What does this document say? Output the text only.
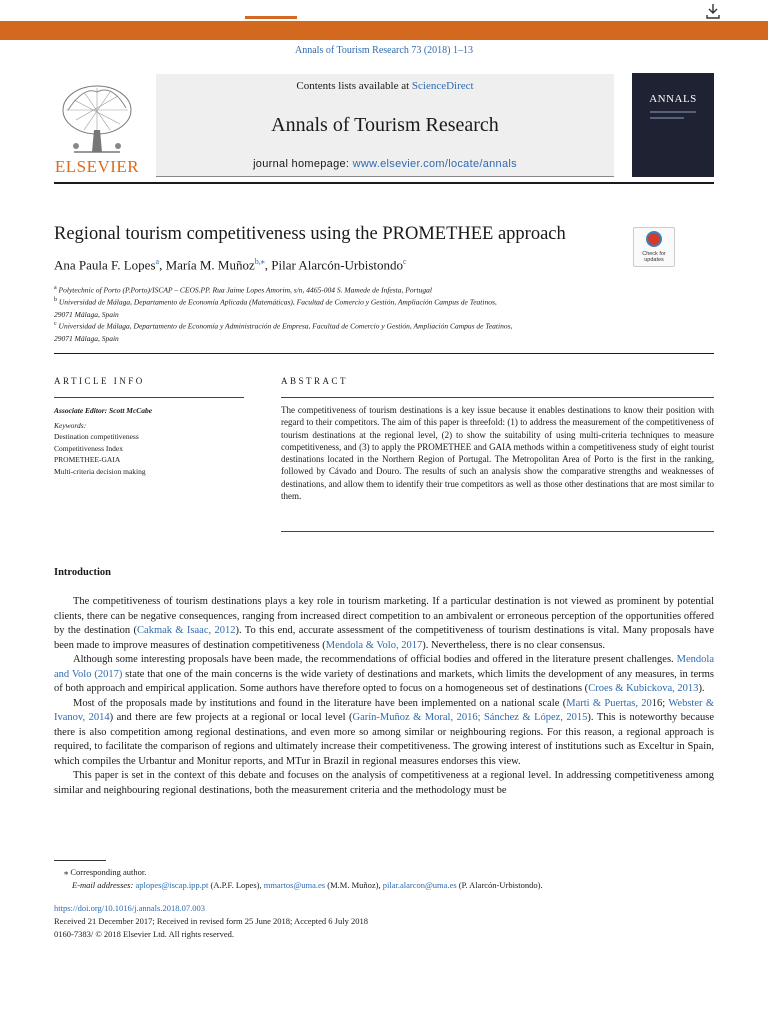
Annals of Tourism Research 73 (2018) 1–13
ELSEVIER
Contents lists available at ScienceDirect
Annals of Tourism Research
journal homepage: www.elsevier.com/locate/annals
ANNALS
Regional tourism competitiveness using the PROMETHEE approach
Check for updates
Ana Paula F. Lopes$^a$, María M. Muñoz$^{b,⁎}$, Pilar Alarcón-Urbistondo$^c$
$^a$ Polytechnic of Porto (P.Porto)/ISCAP – CEOS.PP. Rua Jaime Lopes Amorim, s/n, 4465-004 S. Mamede de Infesta, Portugal
$^b$ Universidad de Málaga, Departamento de Economía Aplicada (Matemáticas), Facultad de Comercio y Gestión, Ampliación Campus de Teatinos,
29071 Málaga, Spain
$^c$ Universidad de Málaga, Departamento de Economía y Administración de Empresa, Facultad de Comercio y Gestión, Ampliación Campus de Teatinos,
29071 Málaga, Spain
ARTICLE INFO	ABSTRACT
Associate Editor: Scott McCabe
Keywords:
Destination competitiveness
Competitiveness Index
PROMETHEE-GAIA
Multi-criteria decision making
The competitiveness of tourism destinations is a key issue because it enables destinations to know their position with regard to their competitors. The aim of this paper is threefold: (1) to address the measurement of the competitiveness of tourism destinations at the regional level, (2) to show the suitability of using multi-criteria techniques to measure competitiveness, and (3) to apply the PROMETHEE and GAIA methods within a competitiveness study of eight tourist destinations located in the Northern Region of Portugal. The Metropolitan Area of Porto is the first in the ranking, followed by Cávado and Douro. The results of such an analysis show the comparative strengths and weaknesses of destinations, and allow them to identify their true competitors as well as those other destinations that are most similar to them.
Introduction

The competitiveness of tourism destinations plays a key role in tourism marketing. If a particular destination is not viewed as prominent by potential clients, there can be negative consequences, ranging from increased direct competition to an ambivalent or erroneous perception of the opportunities offered by the destination (Cakmak & Isaac, 2012). To this end, accurate assessment of the competitiveness of tourism destinations is vital. Many proposals have been made to improve measures of destination competitiveness (Mendola & Volo, 2017). Nevertheless, there is no clear consensus.

Although some interesting proposals have been made, the recommendations of official bodies and offered in the literature present challenges. Mendola and Volo (2017) state that one of the main concerns is the wide variety of destinations and markets, which limits the development of any measures, in terms of both approach and empirical application. Some authors have therefore opted to focus on a homogeneous set of destinations (Croes & Kubickova, 2013).

Most of the proposals made by institutions and found in the literature have been implemented on a national scale (Marti & Puertas, 2016; Webster & Ivanov, 2014) and there are few projects at a regional or local level (Garín-Muñoz & Moral, 2016; Sánchez & López, 2015). This is noteworthy because there is also competition among regional destinations, and even more so among similar or neighbouring regions. For this reason, a regional approach is required, to facilitate the comparison of regions and ultimately increase their competitiveness. The growing interest of institutions such as Exceltur in Spain, which compiles the Urbantur and Monitur reports, and MTur in Brazil in regional measures endorses this view.

This paper is set in the context of this debate and focuses on the analysis of competitiveness at a regional level. In addressing competitiveness among similar and neighbouring regional destinations, both the measurement criteria and the methodology must be

⁎ Corresponding author.
E-mail addresses: aplopes@iscap.ipp.pt (A.P.F. Lopes), mmartos@uma.es (M.M. Muñoz), pilar.alarcon@uma.es (P. Alarcón-Urbistondo).
https://doi.org/10.1016/j.annals.2018.07.003
Received 21 December 2017; Received in revised form 25 June 2018; Accepted 6 July 2018
0160-7383/ © 2018 Elsevier Ltd. All rights reserved.
